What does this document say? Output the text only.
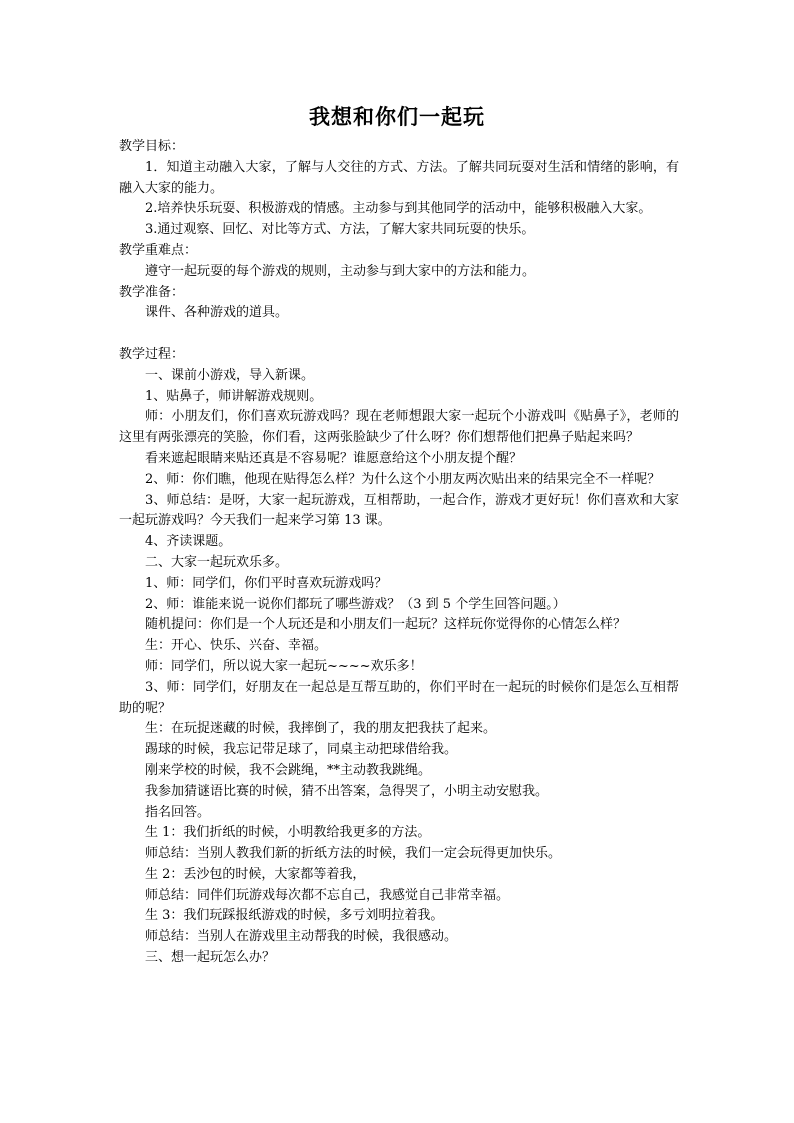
我想和你们一起玩

教学目标：

1．知道主动融入大家，了解与人交往的方式、方法。了解共同玩耍对生活和情绪的影响，有融入大家的能力。

2.培养快乐玩耍、积极游戏的情感。主动参与到其他同学的活动中，能够积极融入大家。

3.通过观察、回忆、对比等方式、方法，了解大家共同玩耍的快乐。

教学重难点：

遵守一起玩耍的每个游戏的规则，主动参与到大家中的方法和能力。

教学准备：

课件、各种游戏的道具。

教学过程：

一、课前小游戏，导入新课。

1、贴鼻子，师讲解游戏规则。

师：小朋友们，你们喜欢玩游戏吗？现在老师想跟大家一起玩个小游戏叫《贴鼻子》，老师的这里有两张漂亮的笑脸，你们看，这两张脸缺少了什么呀？你们想帮他们把鼻子贴起来吗？

看来遮起眼睛来贴还真是不容易呢？谁愿意给这个小朋友提个醒？

2、师：你们瞧，他现在贴得怎么样？为什么这个小朋友两次贴出来的结果完全不一样呢？

3、师总结：是呀，大家一起玩游戏，互相帮助，一起合作，游戏才更好玩！你们喜欢和大家一起玩游戏吗？今天我们一起来学习第 13 课。

4、齐读课题。

二、大家一起玩欢乐多。

1、师：同学们，你们平时喜欢玩游戏吗？

2、师：谁能来说一说你们都玩了哪些游戏？（3 到 5 个学生回答问题。）

随机提问：你们是一个人玩还是和小朋友们一起玩？这样玩你觉得你的心情怎么样？

生：开心、快乐、兴奋、幸福。

师：同学们，所以说大家一起玩~~~~欢乐多！

3、师：同学们，好朋友在一起总是互帮互助的，你们平时在一起玩的时候你们是怎么互相帮助的呢？

生：在玩捉迷藏的时候，我摔倒了，我的朋友把我扶了起来。

踢球的时候，我忘记带足球了，同桌主动把球借给我。

刚来学校的时候，我不会跳绳，**主动教我跳绳。

我参加猜谜语比赛的时候，猜不出答案，急得哭了，小明主动安慰我。

指名回答。

生 1：我们折纸的时候，小明教给我更多的方法。

师总结：当别人教我们新的折纸方法的时候，我们一定会玩得更加快乐。

生 2：丢沙包的时候，大家都等着我，

师总结：同伴们玩游戏每次都不忘自己，我感觉自己非常幸福。

生 3：我们玩踩报纸游戏的时候，多亏刘明拉着我。

师总结：当别人在游戏里主动帮我的时候，我很感动。

三、想一起玩怎么办？
